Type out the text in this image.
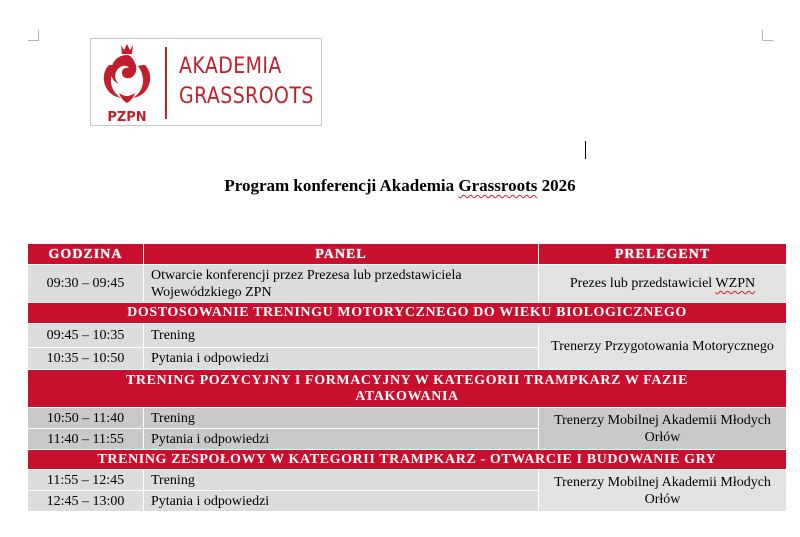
PZPN
AKADEMIA
GRASSROOTS
Program konferencji Akademia Grassroots 2026
GODZINA	PANEL	PRELEGENT
09:30 – 09:45	Otwarcie konferencji przez Prezesa lub przedstawiciela Wojewódzkiego ZPN	Prezes lub przedstawiciel WZPN
DOSTOSOWANIE TRENINGU MOTORYCZNEGO DO WIEKU BIOLOGICZNEGO		
09:45 – 10:35	Trening	Trenerzy Przygotowania Motorycznego
10:35 – 10:50	Pytania i odpowiedzi	
TRENING POZYCYJNY I FORMACYJNY W KATEGORII TRAMPKARZ W FAZIE ATAKOWANIA		
10:50 – 11:40	Trening	Trenerzy Mobilnej Akademii Młodych Orłów
11:40 – 11:55	Pytania i odpowiedzi	
TRENING ZESPOŁOWY W KATEGORII TRAMPKARZ - OTWARCIE I BUDOWANIE GRY		
11:55 – 12:45	Trening	Trenerzy Mobilnej Akademii Młodych Orłów
12:45 – 13:00	Pytania i odpowiedzi	
